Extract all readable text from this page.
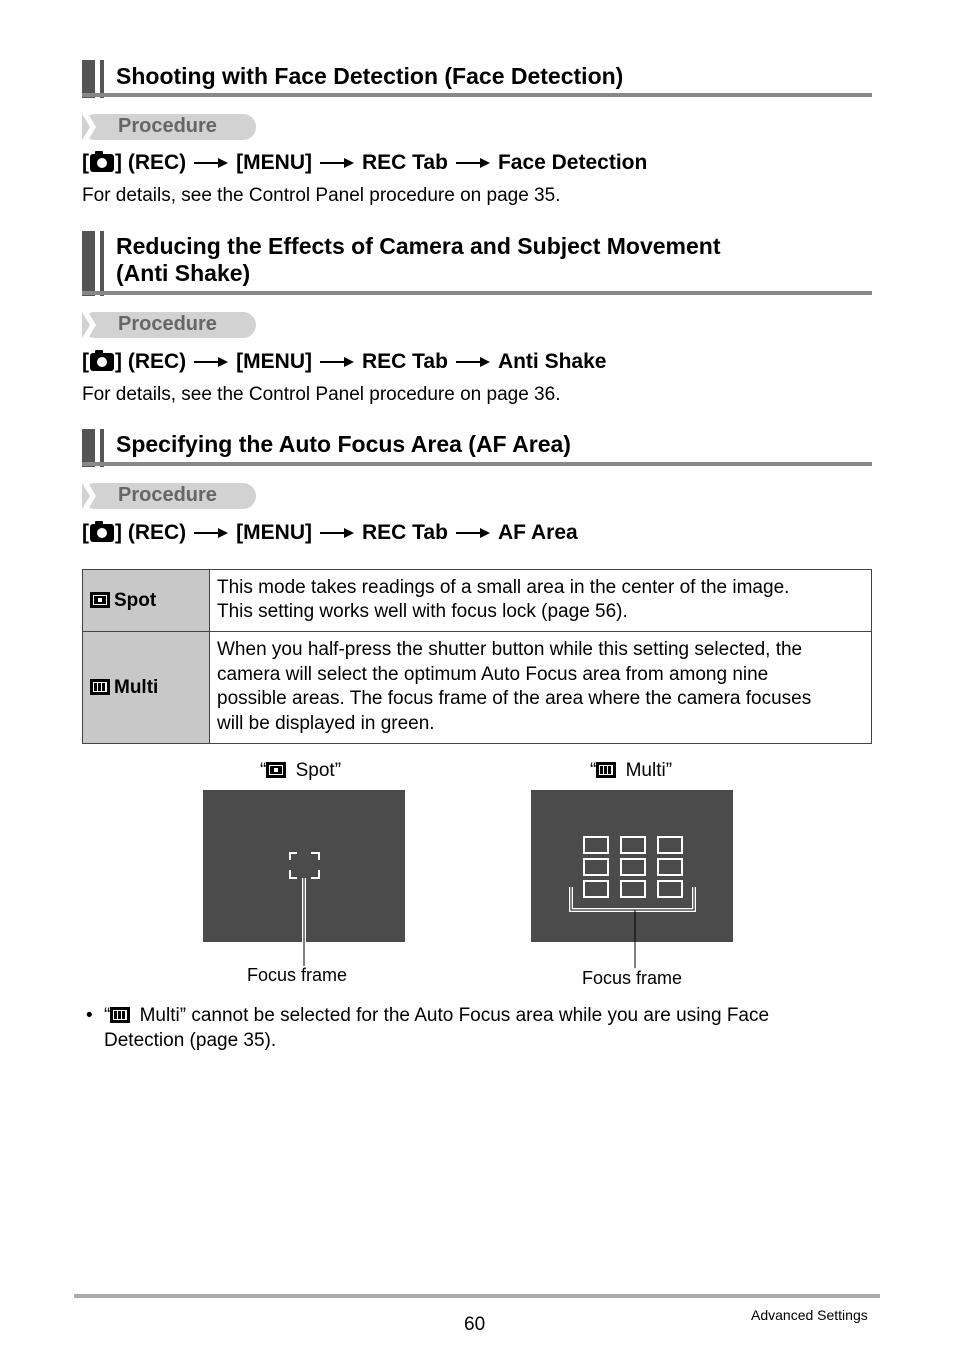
Shooting with Face Detection (Face Detection)
Procedure
[ ] (REC) [MENU] REC Tab Face Detection
For details, see the Control Panel procedure on page 35.
Reducing the Effects of Camera and Subject Movement
(Anti Shake)
Procedure
[ ] (REC) [MENU] REC Tab Anti Shake
For details, see the Control Panel procedure on page 36.
Specifying the Auto Focus Area (AF Area)
Procedure
[ ] (REC) [MENU] REC Tab AF Area
Spot	This mode takes readings of a small area in the center of the image.
This setting works well with focus lock (page 56).

Multi	When you half-press the shutter button while this setting selected, the
camera will select the optimum Auto Focus area from among nine
possible areas. The focus frame of the area where the camera focuses
will be displayed in green.
“ Spot”
Focus frame
“
Multi”
Focus frame
• “
Multi” cannot be selected for the Auto Focus area while you are using Face
Detection (page 35).
60	Advanced Settings
